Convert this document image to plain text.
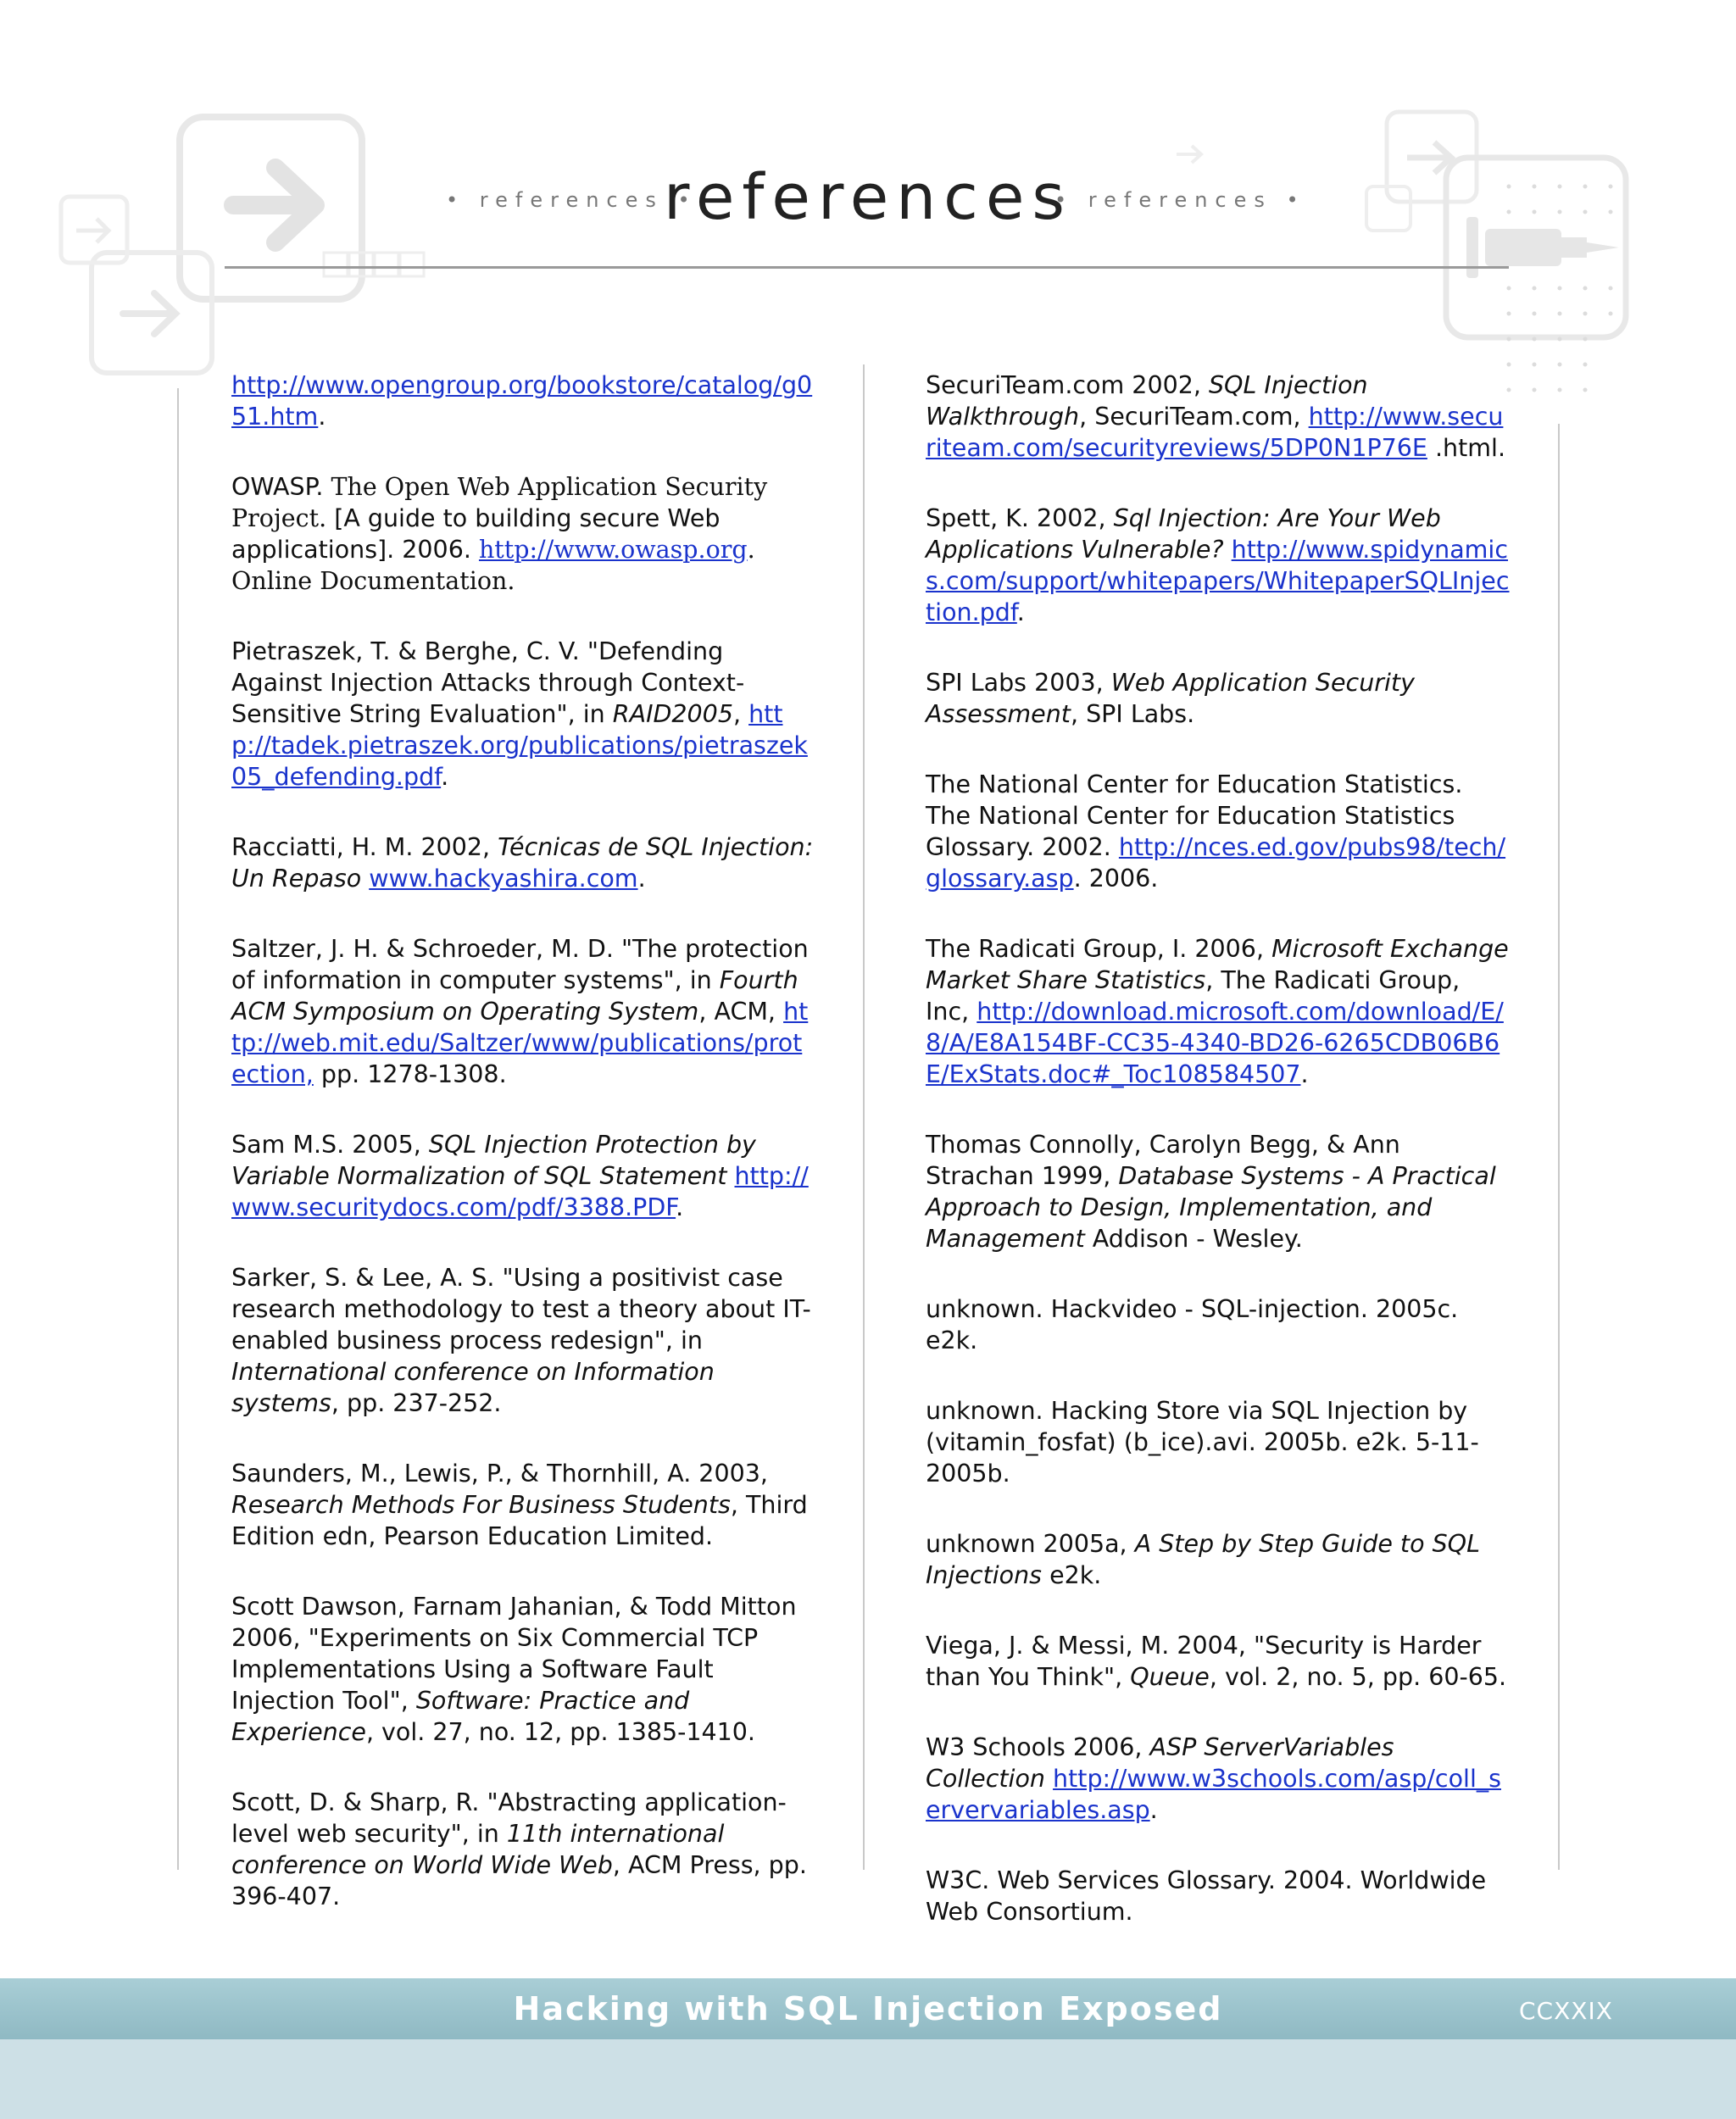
• references •
references
• references •

http://www.opengroup.org/bookstore/catalog/g051.htm.

OWASP. The Open Web Application Security Project. [A guide to building secure Web applications]. 2006. http://www.owasp.org. Online Documentation.

Pietraszek, T. & Berghe, C. V. "Defending Against Injection Attacks through Context-Sensitive String Evaluation", in RAID2005, http://tadek.pietraszek.org/publications/pietraszek05_defending.pdf.

Racciatti, H. M. 2002, Técnicas de SQL Injection: Un Repaso www.hackyashira.com.

Saltzer, J. H. & Schroeder, M. D. "The protection of information in computer systems", in Fourth ACM Symposium on Operating System, ACM, http://web.mit.edu/Saltzer/www/publications/protection, pp. 1278-1308.

Sam M.S. 2005, SQL Injection Protection by Variable Normalization of SQL Statement http://www.securitydocs.com/pdf/3388.PDF.

Sarker, S. & Lee, A. S. "Using a positivist case research methodology to test a theory about IT-enabled business process redesign", in International conference on Information systems, pp. 237-252.

Saunders, M., Lewis, P., & Thornhill, A. 2003, Research Methods For Business Students, Third Edition edn, Pearson Education Limited.

Scott Dawson, Farnam Jahanian, & Todd Mitton 2006, "Experiments on Six Commercial TCP Implementations Using a Software Fault Injection Tool", Software: Practice and Experience, vol. 27, no. 12, pp. 1385-1410.

Scott, D. & Sharp, R. "Abstracting application-level web security", in 11th international conference on World Wide Web, ACM Press, pp. 396-407.

SecuriTeam.com 2002, SQL Injection Walkthrough, SecuriTeam.com, http://www.securiteam.com/securityreviews/5DP0N1P76E .html.

Spett, K. 2002, Sql Injection: Are Your Web Applications Vulnerable? http://www.spidynamics.com/support/whitepapers/WhitepaperSQLInjection.pdf.

SPI Labs 2003, Web Application Security Assessment, SPI Labs.

The National Center for Education Statistics. The National Center for Education Statistics Glossary. 2002. http://nces.ed.gov/pubs98/tech/glossary.asp. 2006.

The Radicati Group, I. 2006, Microsoft Exchange Market Share Statistics, The Radicati Group, Inc, http://download.microsoft.com/download/E/8/A/E8A154BF-CC35-4340-BD26-6265CDB06B6E/ExStats.doc#_Toc108584507.

Thomas Connolly, Carolyn Begg, & Ann Strachan 1999, Database Systems - A Practical Approach to Design, Implementation, and Management Addison - Wesley.

unknown. Hackvideo - SQL-injection. 2005c. e2k.

unknown. Hacking Store via SQL Injection by (vitamin_fosfat) (b_ice).avi. 2005b. e2k. 5-11-2005b.

unknown 2005a, A Step by Step Guide to SQL Injections e2k.

Viega, J. & Messi, M. 2004, "Security is Harder than You Think", Queue, vol. 2, no. 5, pp. 60-65.

W3 Schools 2006, ASP ServerVariables Collection http://www.w3schools.com/asp/coll_servervariables.asp.

W3C. Web Services Glossary. 2004. Worldwide Web Consortium.

Hacking with SQL Injection Exposed	CCXXIX
